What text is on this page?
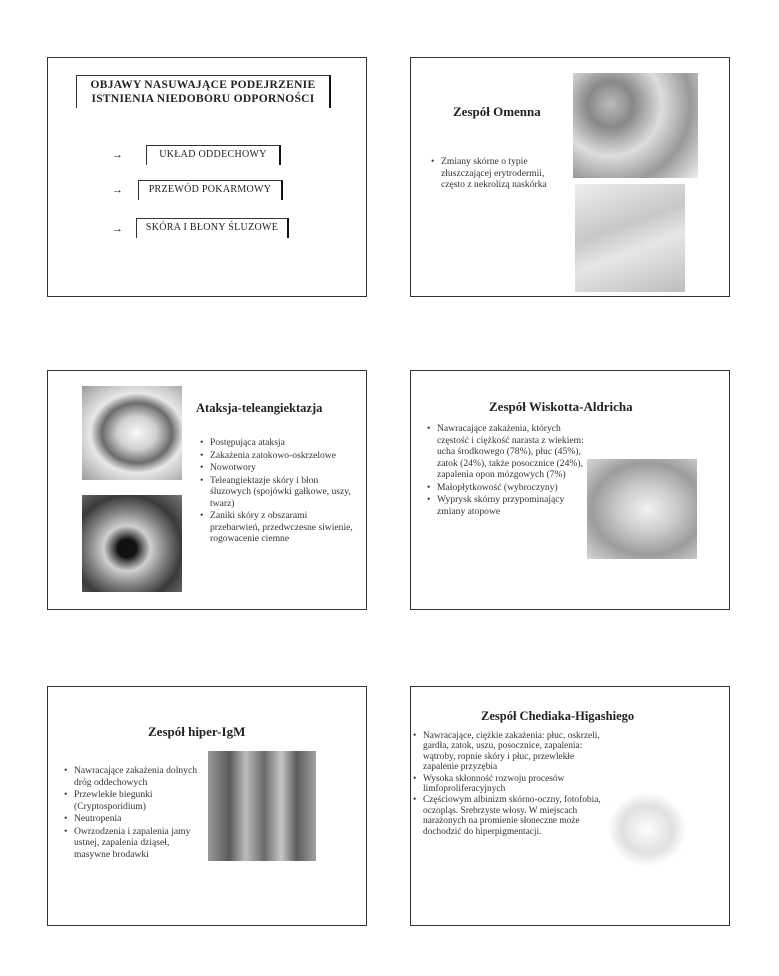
OBJAWY NASUWAJĄCE PODEJRZENIE ISTNIENIA NIEDOBORU ODPORNOŚCI
→	UKŁAD ODDECHOWY
→	PRZEWÓD POKARMOWY
→	SKÓRA I BŁONY ŚLUZOWE
Zespół Omenna
• Zmiany skórne o typie złuszczającej erytrodermii, często z nekrolizą naskórka
Ataksja-teleangiektazja
• Postępująca ataksja
• Zakażenia zatokowo-oskrzelowe
• Nowotwory
• Teleangiektazje skóry i błon śluzowych (spojówki gałkowe, uszy, twarz)
• Zaniki skóry z obszarami przebarwień, przedwczesne siwienie, rogowacenie ciemne
Zespół Wiskotta-Aldricha
• Nawracające zakażenia, których częstość i ciężkość narasta z wiekiem: ucha środkowego (78%), płuc (45%), zatok (24%), także posocznice (24%), zapalenia opon mózgowych (7%)
• Małopłytkowość (wybroczyny)
• Wyprysk skórny przypominający zmiany atopowe
Zespół hiper-IgM
• Nawracające zakażenia dolnych dróg oddechowych
• Przewlekłe biegunki (Cryptosporidium)
• Neutropenia
• Owrzodzenia i zapalenia jamy ustnej, zapalenia dziąseł, masywne brodawki
Zespół Chediaka-Higashiego
• Nawracające, ciężkie zakażenia: płuc, oskrzeli, gardła, zatok, uszu, posocznice, zapalenia: wątroby, ropnie skóry i płuc, przewlekłe zapalenie przyzębia
• Wysoka skłonność rozwoju procesów limfoproliferacyjnych
• Częściowym albinizm skórno-oczny, fotofobia, oczopląs. Srebrzyste włosy. W miejscach narażonych na promienie słoneczne może dochodzić do hiperpigmentacji.
